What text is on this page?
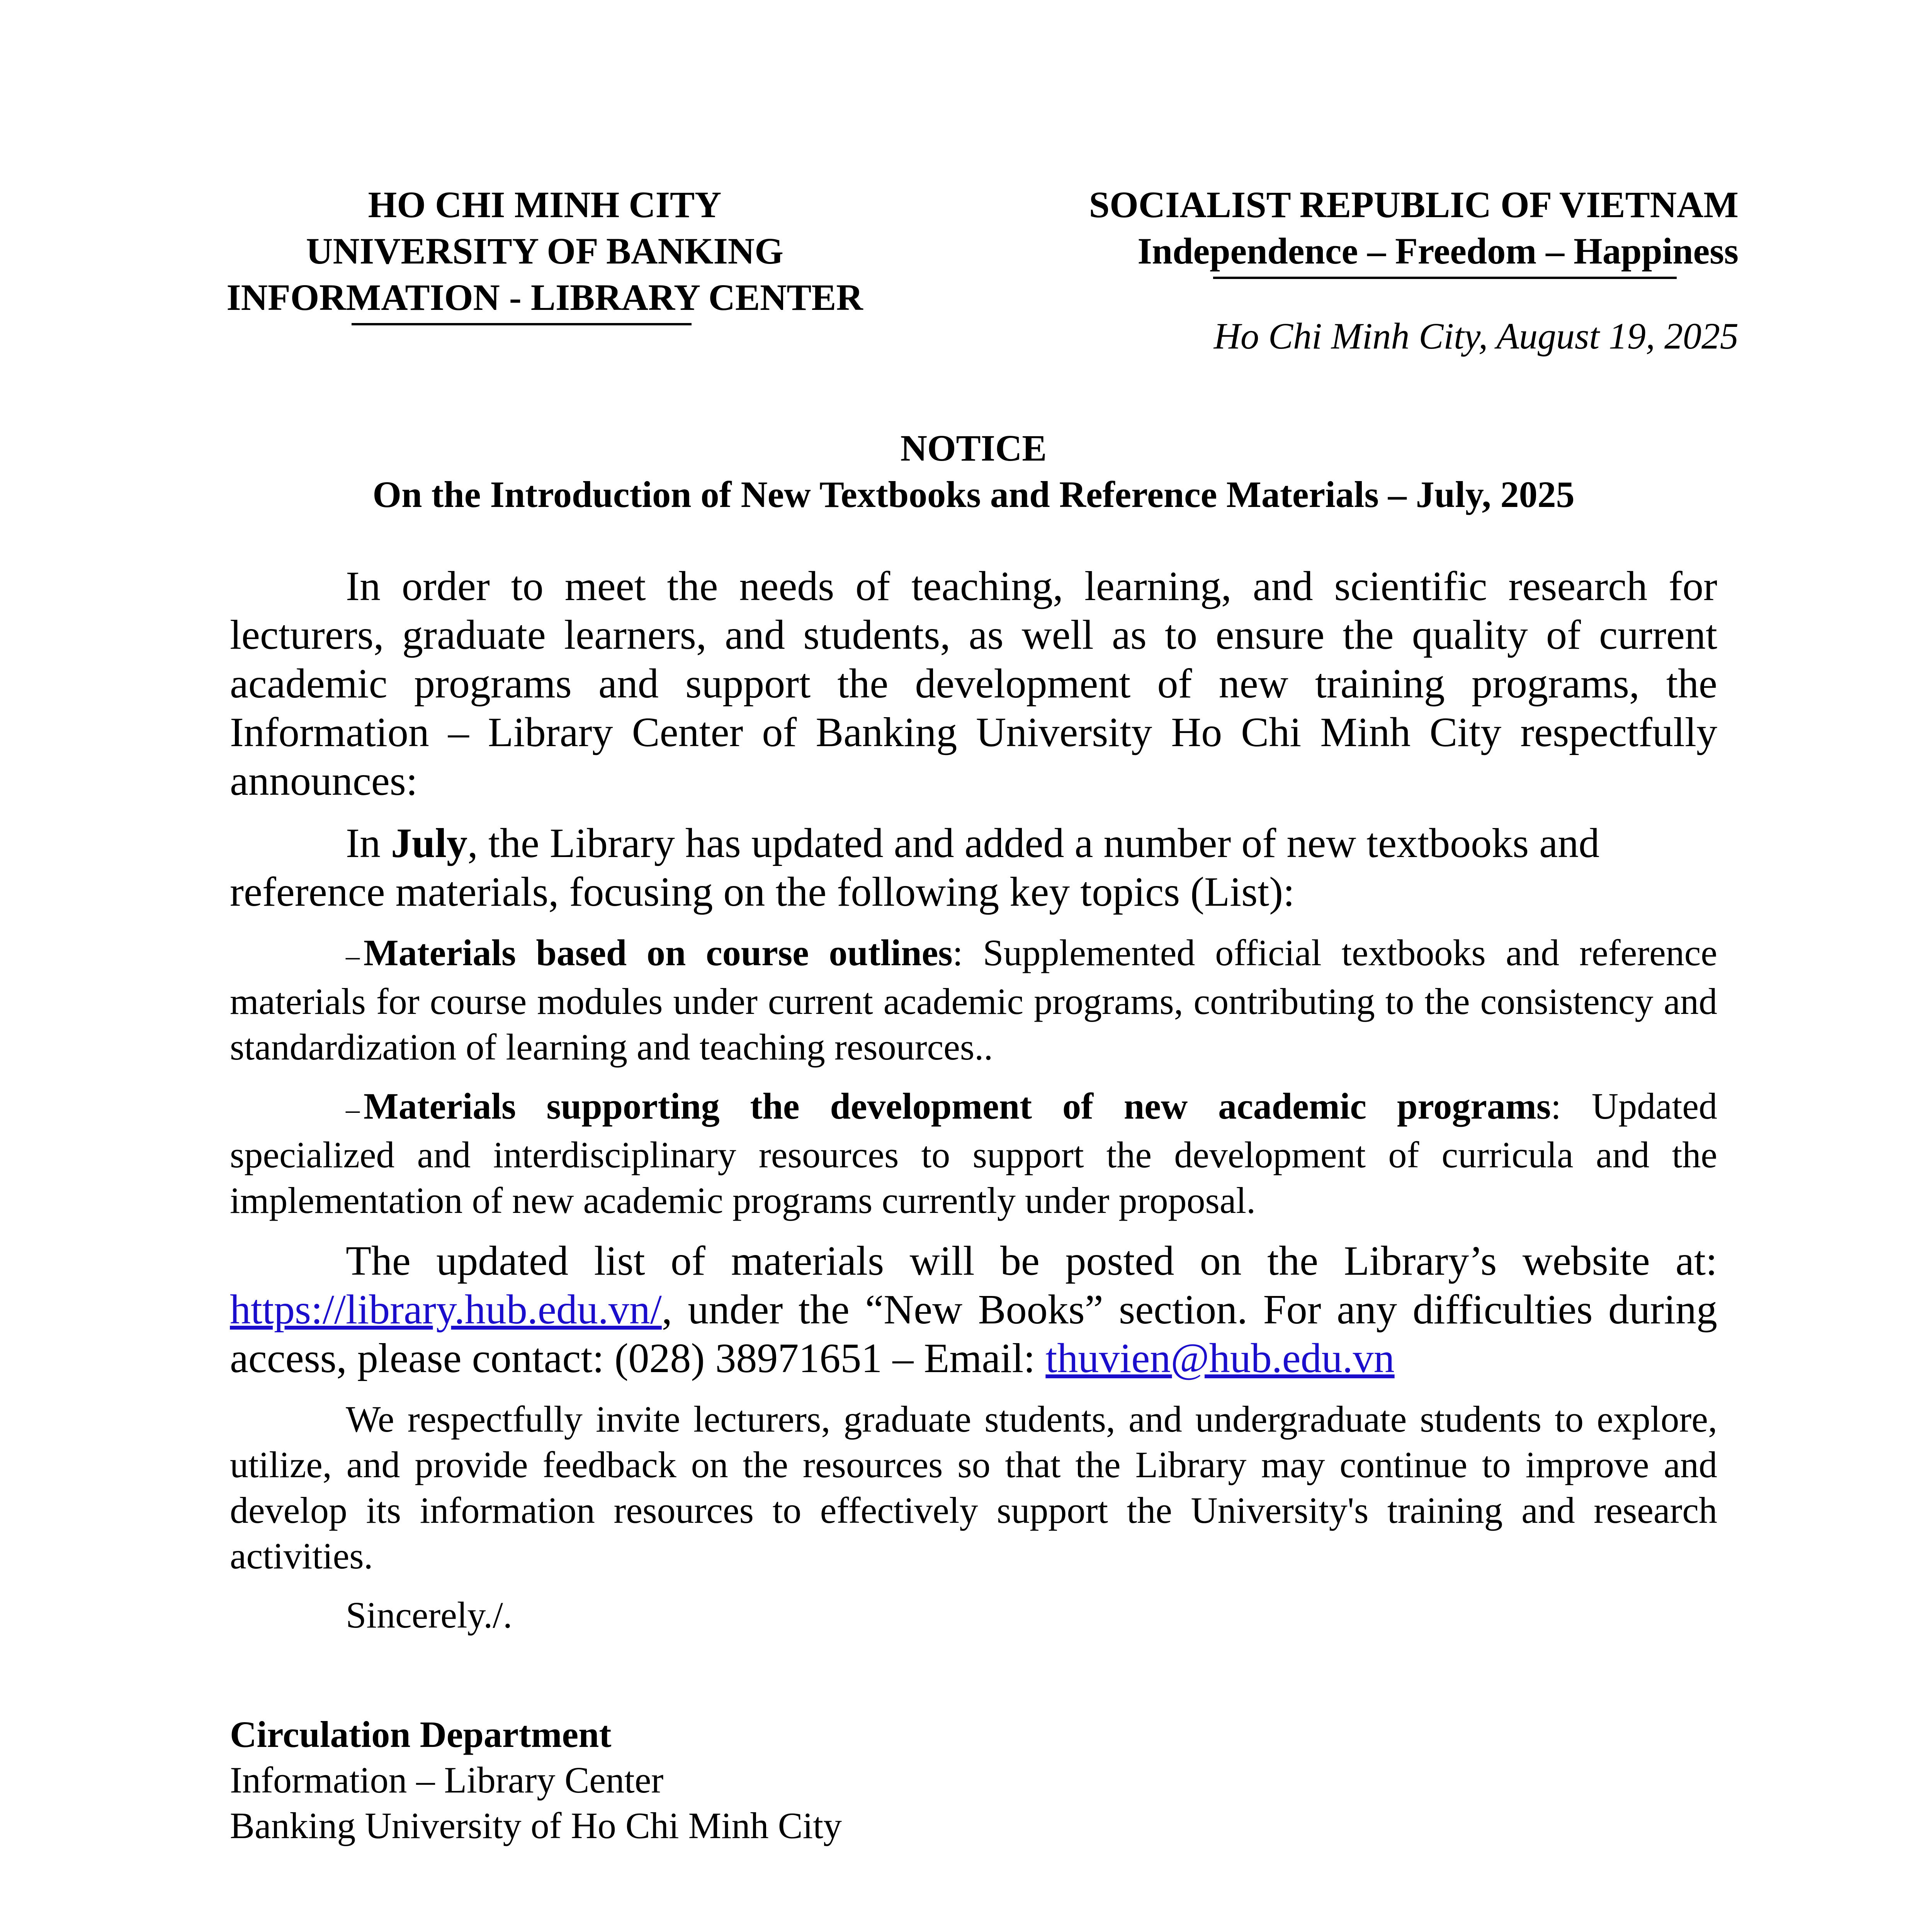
HO CHI MINH CITY
UNIVERSITY OF BANKING
INFORMATION - LIBRARY CENTER
SOCIALIST REPUBLIC OF VIETNAM
Independence – Freedom – Happiness
Ho Chi Minh City, August 19, 2025
NOTICE
On the Introduction of New Textbooks and Reference Materials – July, 2025

In order to meet the needs of teaching, learning, and scientific research for lecturers, graduate learners, and students, as well as to ensure the quality of current academic programs and support the development of new training programs, the Information – Library Center of Banking University Ho Chi Minh City respectfully announces:

In July, the Library has updated and added a number of new textbooks and reference materials, focusing on the following key topics (List):

– Materials based on course outlines: Supplemented official textbooks and reference materials for course modules under current academic programs, contributing to the consistency and standardization of learning and teaching resources..

– Materials supporting the development of new academic programs: Updated specialized and interdisciplinary resources to support the development of curricula and the implementation of new academic programs currently under proposal.

The updated list of materials will be posted on the Library’s website at: https://library.hub.edu.vn/, under the “New Books” section. For any difficulties during access, please contact: (028) 38971651 – Email: thuvien@hub.edu.vn

We respectfully invite lecturers, graduate students, and undergraduate students to explore, utilize, and provide feedback on the resources so that the Library may continue to improve and develop its information resources to effectively support the University's training and research activities.

Sincerely./.

Circulation Department
Information – Library Center
Banking University of Ho Chi Minh City
